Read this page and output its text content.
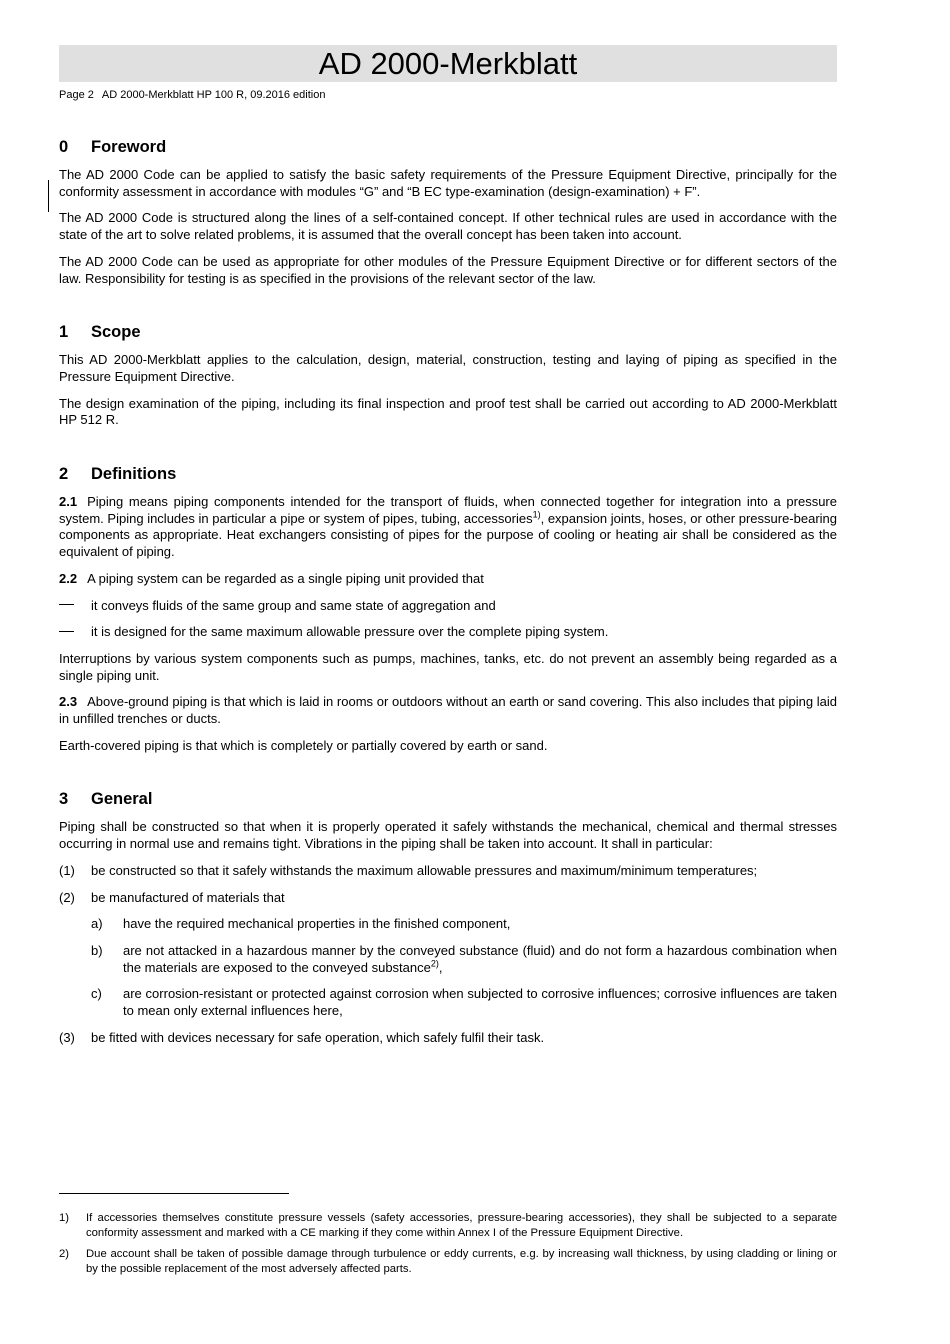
AD 2000-Merkblatt
Page 2 AD 2000-Merkblatt HP 100 R, 09.2016 edition
0	Foreword

The AD 2000 Code can be applied to satisfy the basic safety requirements of the Pressure Equipment Directive, principally for the conformity assessment in accordance with modules “G” and “B EC type-examination (design-examination) + F”.

The AD 2000 Code is structured along the lines of a self-contained concept. If other technical rules are used in accordance with the state of the art to solve related problems, it is assumed that the overall concept has been taken into account.

The AD 2000 Code can be used as appropriate for other modules of the Pressure Equipment Directive or for different sectors of the law. Responsibility for testing is as specified in the provisions of the relevant sector of the law.

1	Scope

This AD 2000-Merkblatt applies to the calculation, design, material, construction, testing and laying of piping as specified in the Pressure Equipment Directive.

The design examination of the piping, including its final inspection and proof test shall be carried out according to AD 2000-Merkblatt HP 512 R.

2	Definitions

2.1 Piping means piping components intended for the transport of fluids, when connected together for integration into a pressure system. Piping includes in particular a pipe or system of pipes, tubing, accessories$^{1)}$, expansion joints, hoses, or other pressure-bearing components as appropriate. Heat exchangers consisting of pipes for the purpose of cooling or heating air shall be considered as the equivalent of piping.

2.2 A piping system can be regarded as a single piping unit provided that

it conveys fluids of the same group and same state of aggregation and
it is designed for the same maximum allowable pressure over the complete piping system.

Interruptions by various system components such as pumps, machines, tanks, etc. do not prevent an assembly being regarded as a single piping unit.

2.3 Above-ground piping is that which is laid in rooms or outdoors without an earth or sand covering. This also includes that piping laid in unfilled trenches or ducts.

Earth-covered piping is that which is completely or partially covered by earth or sand.

3	General

Piping shall be constructed so that when it is properly operated it safely withstands the mechanical, chemical and thermal stresses occurring in normal use and remains tight. Vibrations in the piping shall be taken into account. It shall in particular:

(1)	be constructed so that it safely withstands the maximum allowable pressures and maximum/minimum temperatures;
(2)	be manufactured of materials that
a)	have the required mechanical properties in the finished component,
b)	are not attacked in a hazardous manner by the conveyed substance (fluid) and do not form a hazardous combination when the materials are exposed to the conveyed substance$^{2)}$,
c)	are corrosion-resistant or protected against corrosion when subjected to corrosive influences; corrosive influences are taken to mean only external influences here,
(3)	be fitted with devices necessary for safe operation, which safely fulfil their task.
1)	If accessories themselves constitute pressure vessels (safety accessories, pressure-bearing accessories), they shall be subjected to a separate conformity assessment and marked with a CE marking if they come within Annex I of the Pressure Equipment Directive.
2)	Due account shall be taken of possible damage through turbulence or eddy currents, e.g. by increasing wall thickness, by using cladding or lining or by the possible replacement of the most adversely affected parts.
